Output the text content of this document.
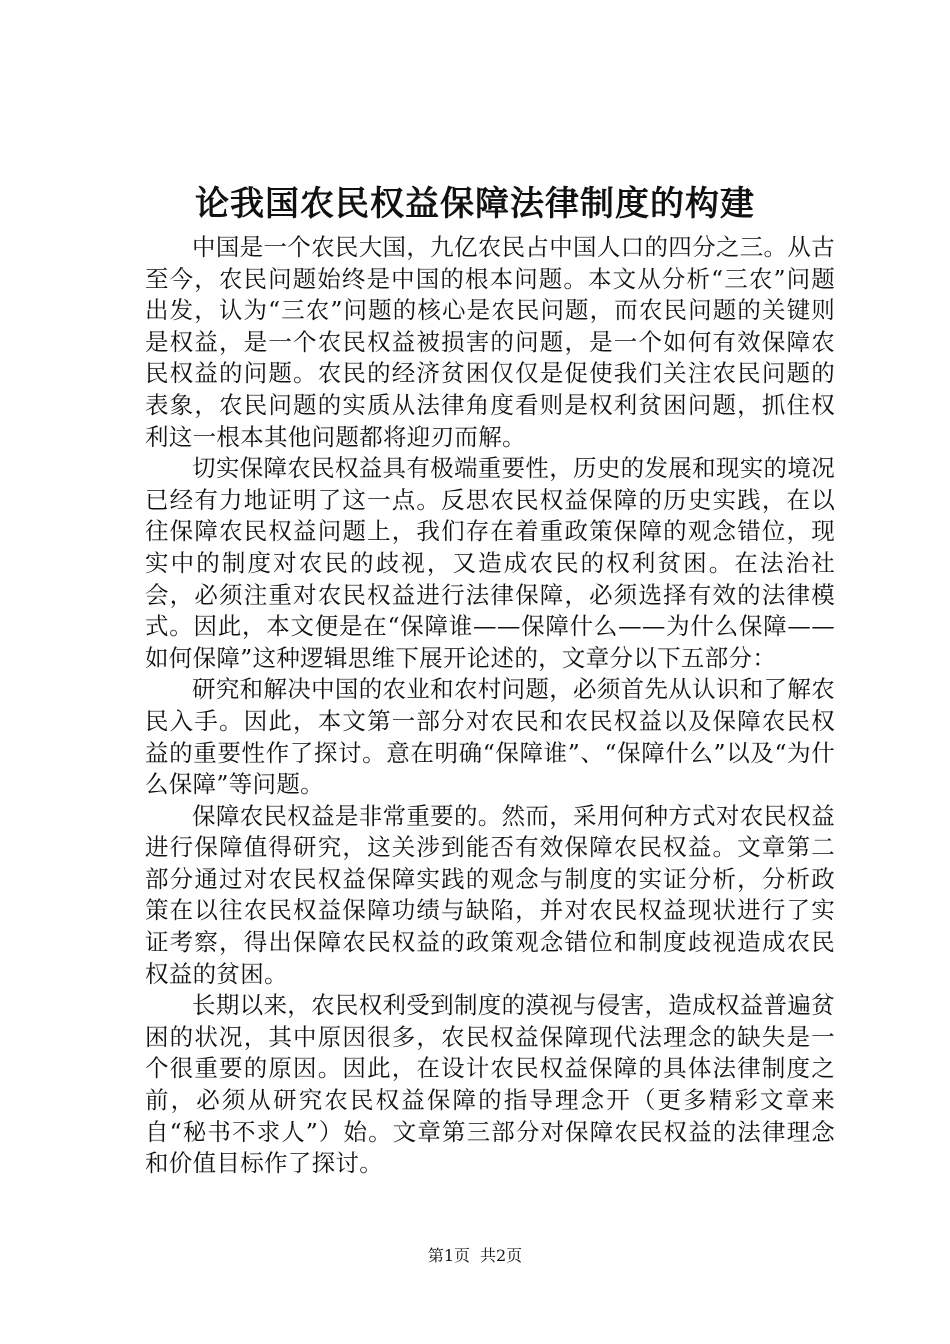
论我国农民权益保障法律制度的构建

中国是一个农民大国，九亿农民占中国人口的四分之三。从古至今，农民问题始终是中国的根本问题。本文从分析“三农”问题出发，认为“三农”问题的核心是农民问题，而农民问题的关键则是权益，是一个农民权益被损害的问题，是一个如何有效保障农民权益的问题。农民的经济贫困仅仅是促使我们关注农民问题的表象，农民问题的实质从法律角度看则是权利贫困问题，抓住权利这一根本其他问题都将迎刃而解。

切实保障农民权益具有极端重要性，历史的发展和现实的境况已经有力地证明了这一点。反思农民权益保障的历史实践，在以往保障农民权益问题上，我们存在着重政策保障的观念错位，现实中的制度对农民的歧视，又造成农民的权利贫困。在法治社会，必须注重对农民权益进行法律保障，必须选择有效的法律模式。因此，本文便是在“保障谁——保障什么——为什么保障——如何保障”这种逻辑思维下展开论述的，文章分以下五部分：

研究和解决中国的农业和农村问题，必须首先从认识和了解农民入手。因此，本文第一部分对农民和农民权益以及保障农民权益的重要性作了探讨。意在明确“保障谁”、“保障什么”以及“为什么保障”等问题。

保障农民权益是非常重要的。然而，采用何种方式对农民权益进行保障值得研究，这关涉到能否有效保障农民权益。文章第二部分通过对农民权益保障实践的观念与制度的实证分析，分析政策在以往农民权益保障功绩与缺陷，并对农民权益现状进行了实证考察，得出保障农民权益的政策观念错位和制度歧视造成农民权益的贫困。

长期以来，农民权利受到制度的漠视与侵害，造成权益普遍贫困的状况，其中原因很多，农民权益保障现代法理念的缺失是一个很重要的原因。因此，在设计农民权益保障的具体法律制度之前，必须从研究农民权益保障的指导理念开（更多精彩文章来自“秘书不求人”）始。文章第三部分对保障农民权益的法律理念和价值目标作了探讨。

第1页 共2页
